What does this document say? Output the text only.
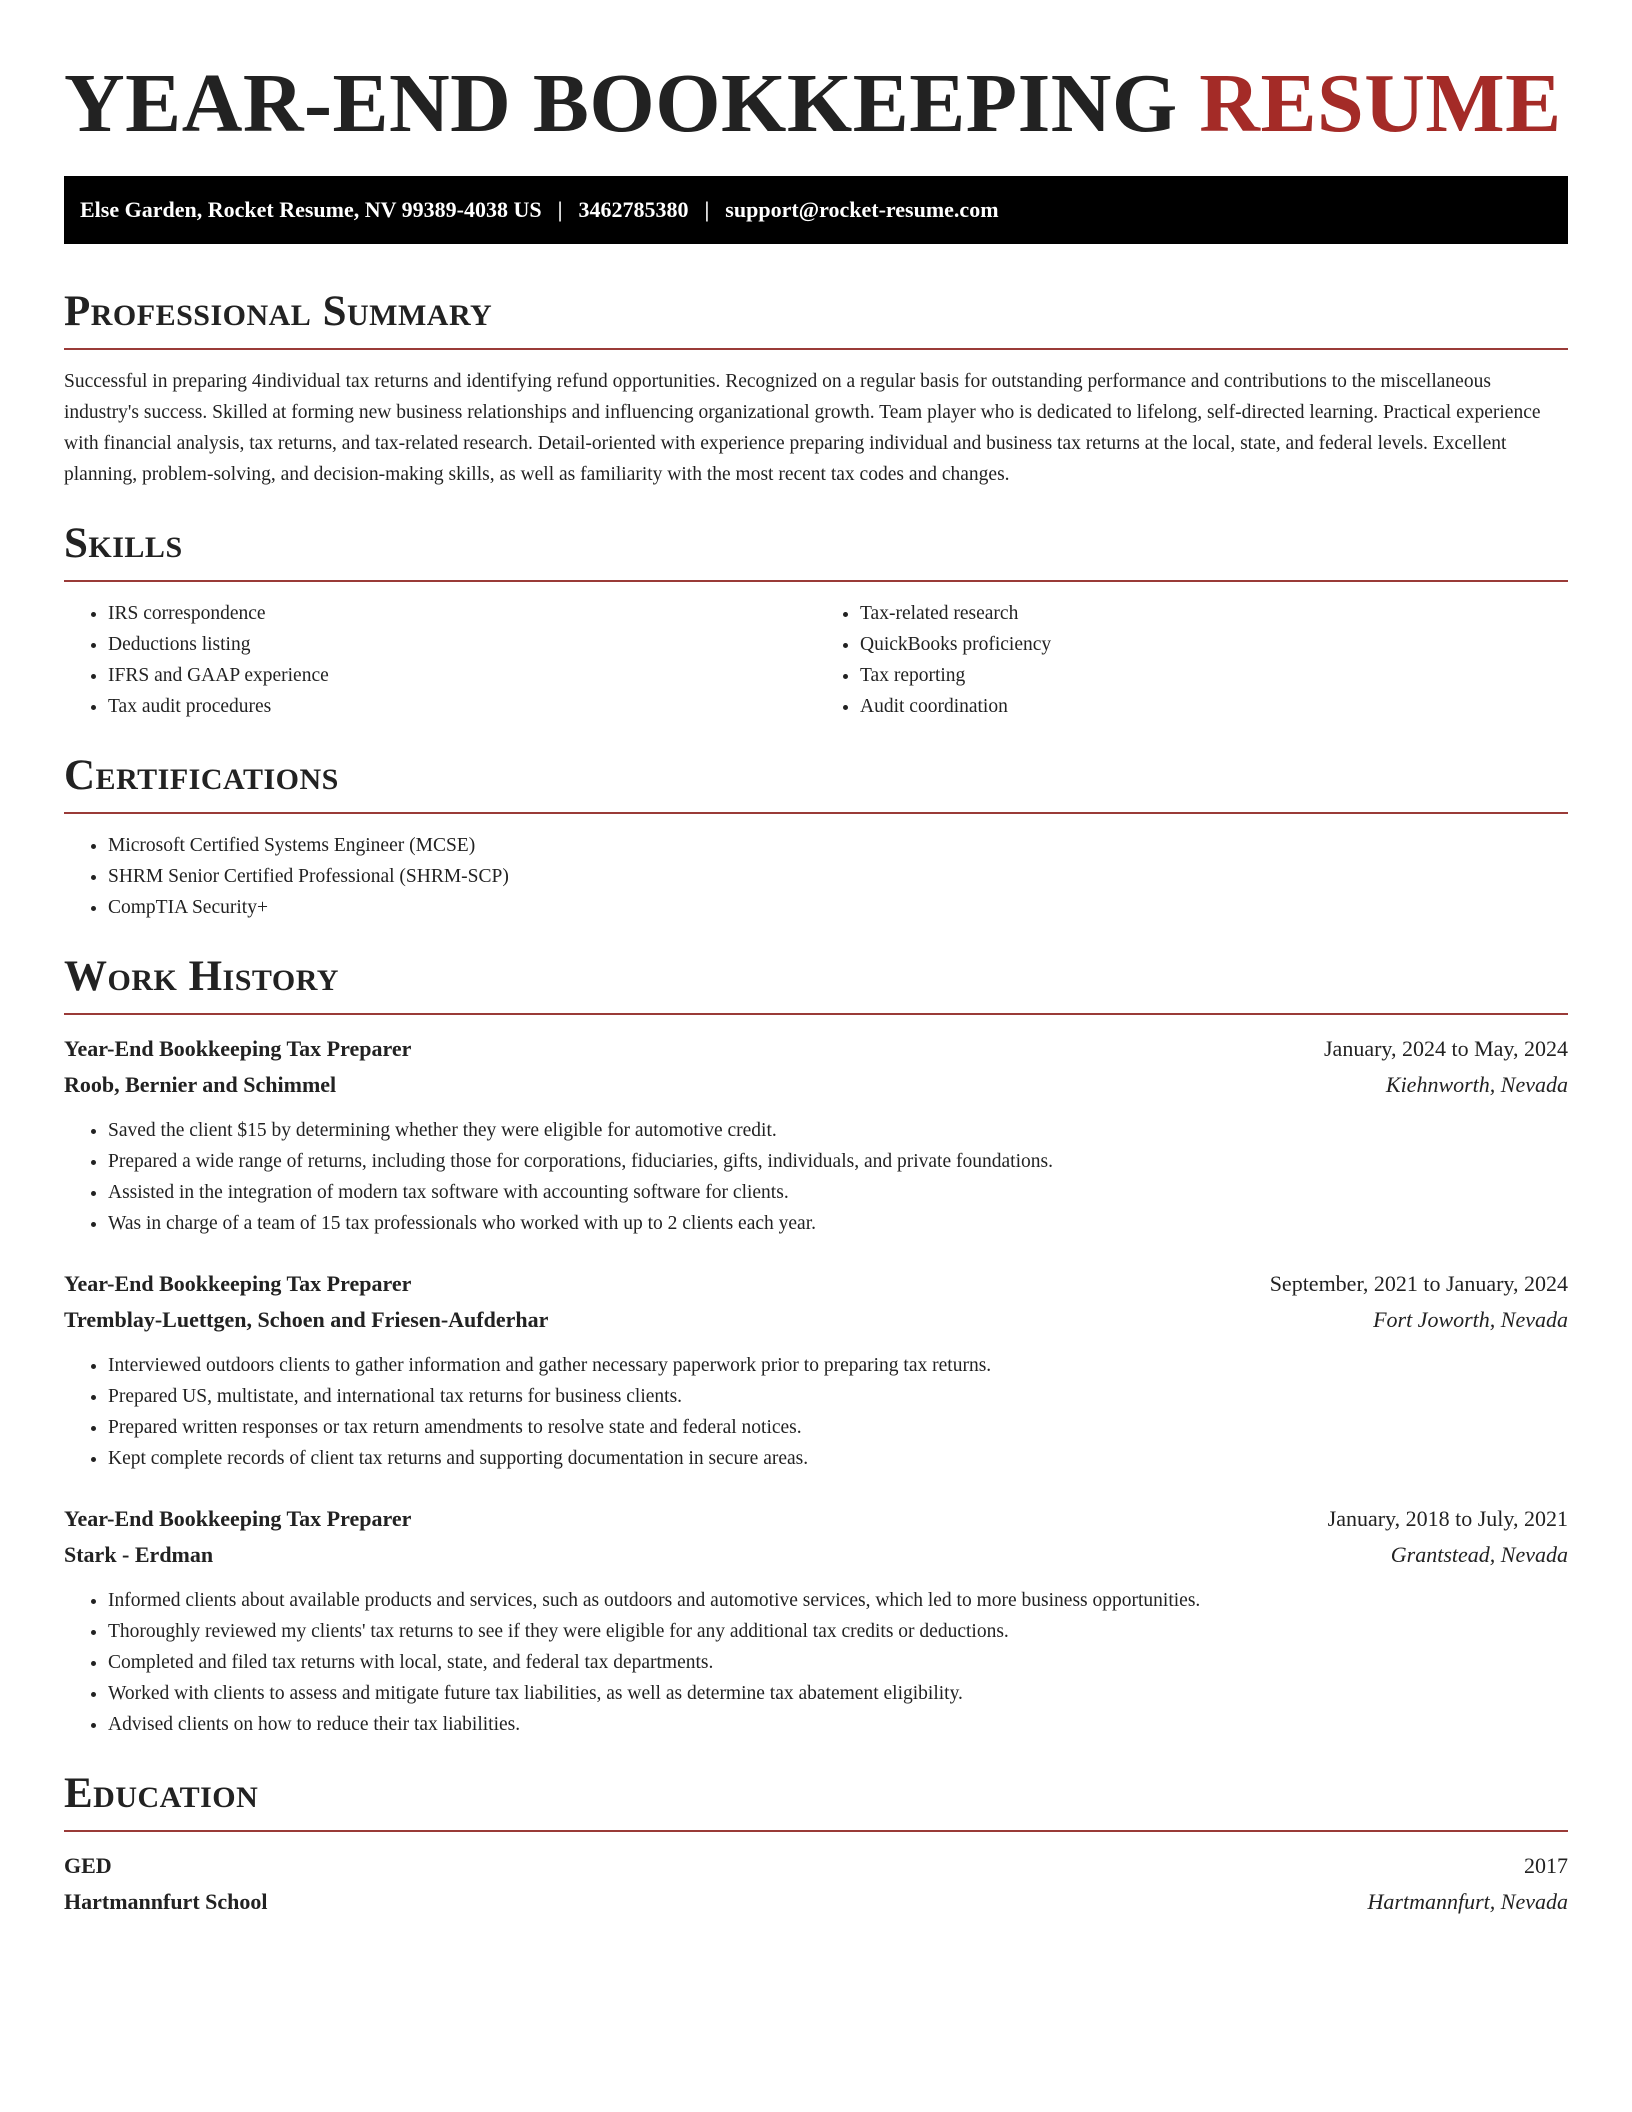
YEAR-END BOOKKEEPING RESUME
Else Garden, Rocket Resume, NV 99389-4038 US | 3462785380 | support@rocket-resume.com
Professional Summary

Successful in preparing 4individual tax returns and identifying refund opportunities. Recognized on a regular basis for outstanding performance and contributions to the miscellaneous industry's success. Skilled at forming new business relationships and influencing organizational growth. Team player who is dedicated to lifelong, self-directed learning. Practical experience with financial analysis, tax returns, and tax-related research. Detail-oriented with experience preparing individual and business tax returns at the local, state, and federal levels. Excellent planning, problem-solving, and decision-making skills, as well as familiarity with the most recent tax codes and changes.

Skills
• IRS correspondence
• Deductions listing
• IFRS and GAAP experience
• Tax audit procedures
• Tax-related research
• QuickBooks proficiency
• Tax reporting
• Audit coordination
Certifications
• Microsoft Certified Systems Engineer (MCSE)
• SHRM Senior Certified Professional (SHRM-SCP)
• CompTIA Security+
Work History
Year-End Bookkeeping Tax Preparer	January, 2024 to May, 2024
Roob, Bernier and Schimmel	Kiehnworth, Nevada
• Saved the client $15 by determining whether they were eligible for automotive credit.
• Prepared a wide range of returns, including those for corporations, fiduciaries, gifts, individuals, and private foundations.
• Assisted in the integration of modern tax software with accounting software for clients.
• Was in charge of a team of 15 tax professionals who worked with up to 2 clients each year.
Year-End Bookkeeping Tax Preparer	September, 2021 to January, 2024
Tremblay-Luettgen, Schoen and Friesen-Aufderhar	Fort Joworth, Nevada
• Interviewed outdoors clients to gather information and gather necessary paperwork prior to preparing tax returns.
• Prepared US, multistate, and international tax returns for business clients.
• Prepared written responses or tax return amendments to resolve state and federal notices.
• Kept complete records of client tax returns and supporting documentation in secure areas.
Year-End Bookkeeping Tax Preparer	January, 2018 to July, 2021
Stark - Erdman	Grantstead, Nevada
• Informed clients about available products and services, such as outdoors and automotive services, which led to more business opportunities.
• Thoroughly reviewed my clients' tax returns to see if they were eligible for any additional tax credits or deductions.
• Completed and filed tax returns with local, state, and federal tax departments.
• Worked with clients to assess and mitigate future tax liabilities, as well as determine tax abatement eligibility.
• Advised clients on how to reduce their tax liabilities.
Education
GED	2017
Hartmannfurt School	Hartmannfurt, Nevada
